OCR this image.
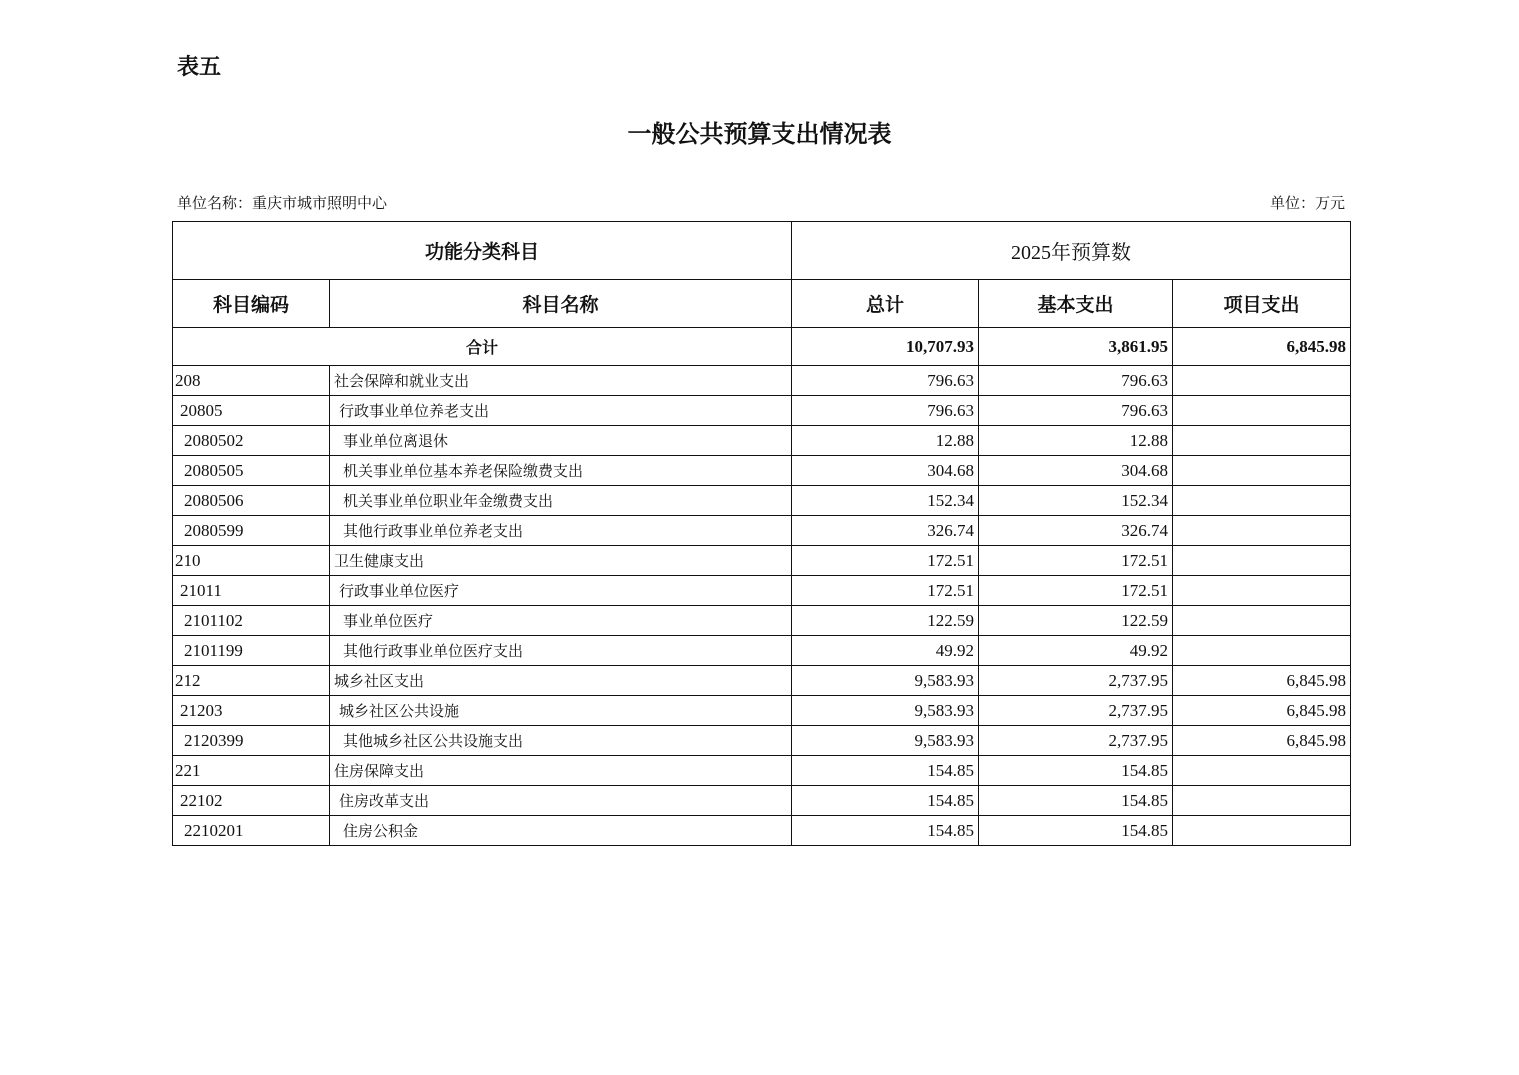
表五
一般公共预算支出情况表
单位名称：重庆市城市照明中心	单位：万元
功能分类科目		2025年预算数		
科目编码	科目名称	总计	基本支出	项目支出
合计		10,707.93	3,861.95	6,845.98
208	社会保障和就业支出	796.63	796.63	
20805	行政事业单位养老支出	796.63	796.63	
2080502	事业单位离退休	12.88	12.88	
2080505	机关事业单位基本养老保险缴费支出	304.68	304.68	
2080506	机关事业单位职业年金缴费支出	152.34	152.34	
2080599	其他行政事业单位养老支出	326.74	326.74	
210	卫生健康支出	172.51	172.51	
21011	行政事业单位医疗	172.51	172.51	
2101102	事业单位医疗	122.59	122.59	
2101199	其他行政事业单位医疗支出	49.92	49.92	
212	城乡社区支出	9,583.93	2,737.95	6,845.98
21203	城乡社区公共设施	9,583.93	2,737.95	6,845.98
2120399	其他城乡社区公共设施支出	9,583.93	2,737.95	6,845.98
221	住房保障支出	154.85	154.85	
22102	住房改革支出	154.85	154.85	
2210201	住房公积金	154.85	154.85	
